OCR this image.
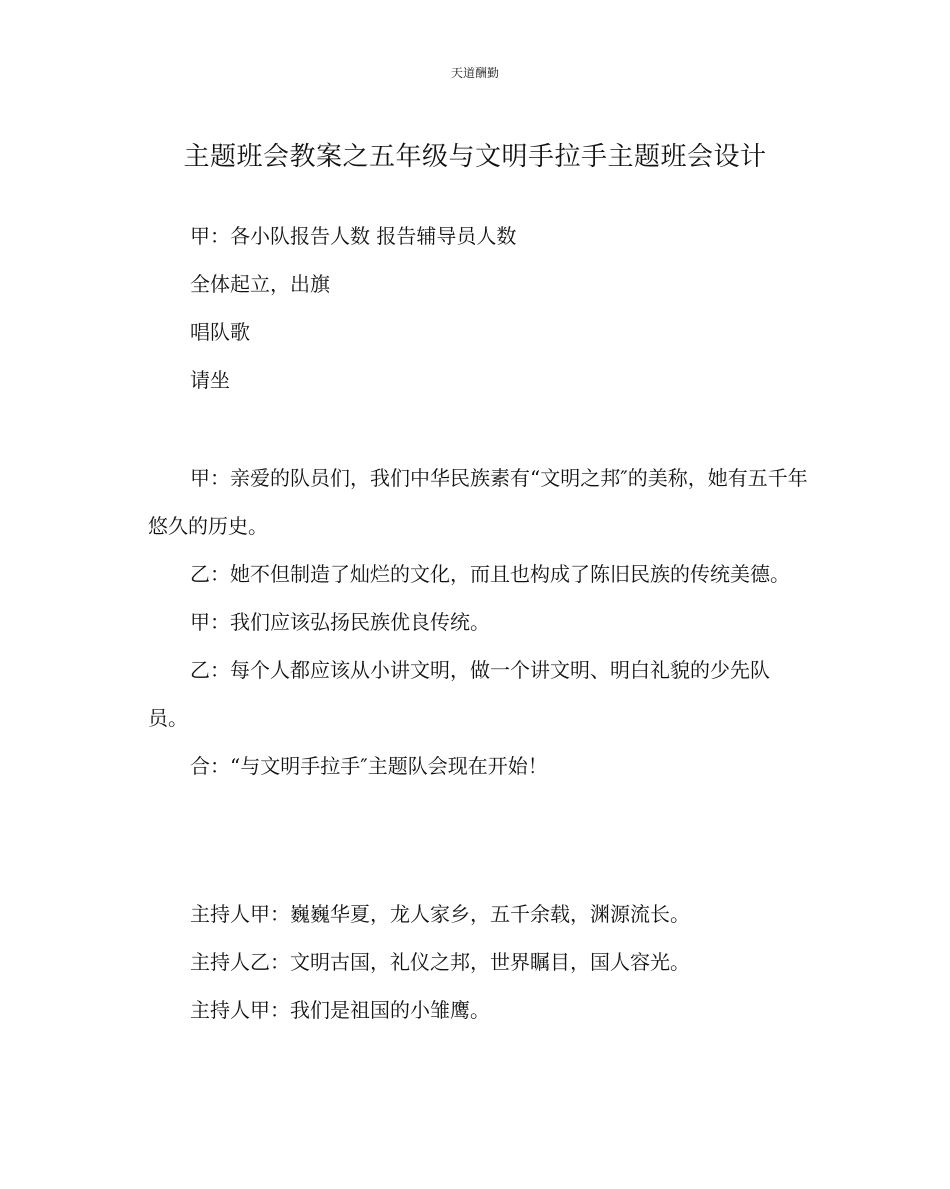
天道酬勤
主题班会教案之五年级与文明手拉手主题班会设计

甲：各小队报告人数 报告辅导员人数

全体起立，出旗

唱队歌

请坐

甲：亲爱的队员们，我们中华民族素有“文明之邦″的美称，她有五千年悠久的历史。

乙：她不但制造了灿烂的文化，而且也构成了陈旧民族的传统美德。

甲：我们应该弘扬民族优良传统。

乙：每个人都应该从小讲文明，做一个讲文明、明白礼貌的少先队员。

合：“与文明手拉手″主题队会现在开始！

主持人甲：巍巍华夏，龙人家乡，五千余载，渊源流长。

主持人乙：文明古国，礼仪之邦，世界瞩目，国人容光。

主持人甲：我们是祖国的小雏鹰。
